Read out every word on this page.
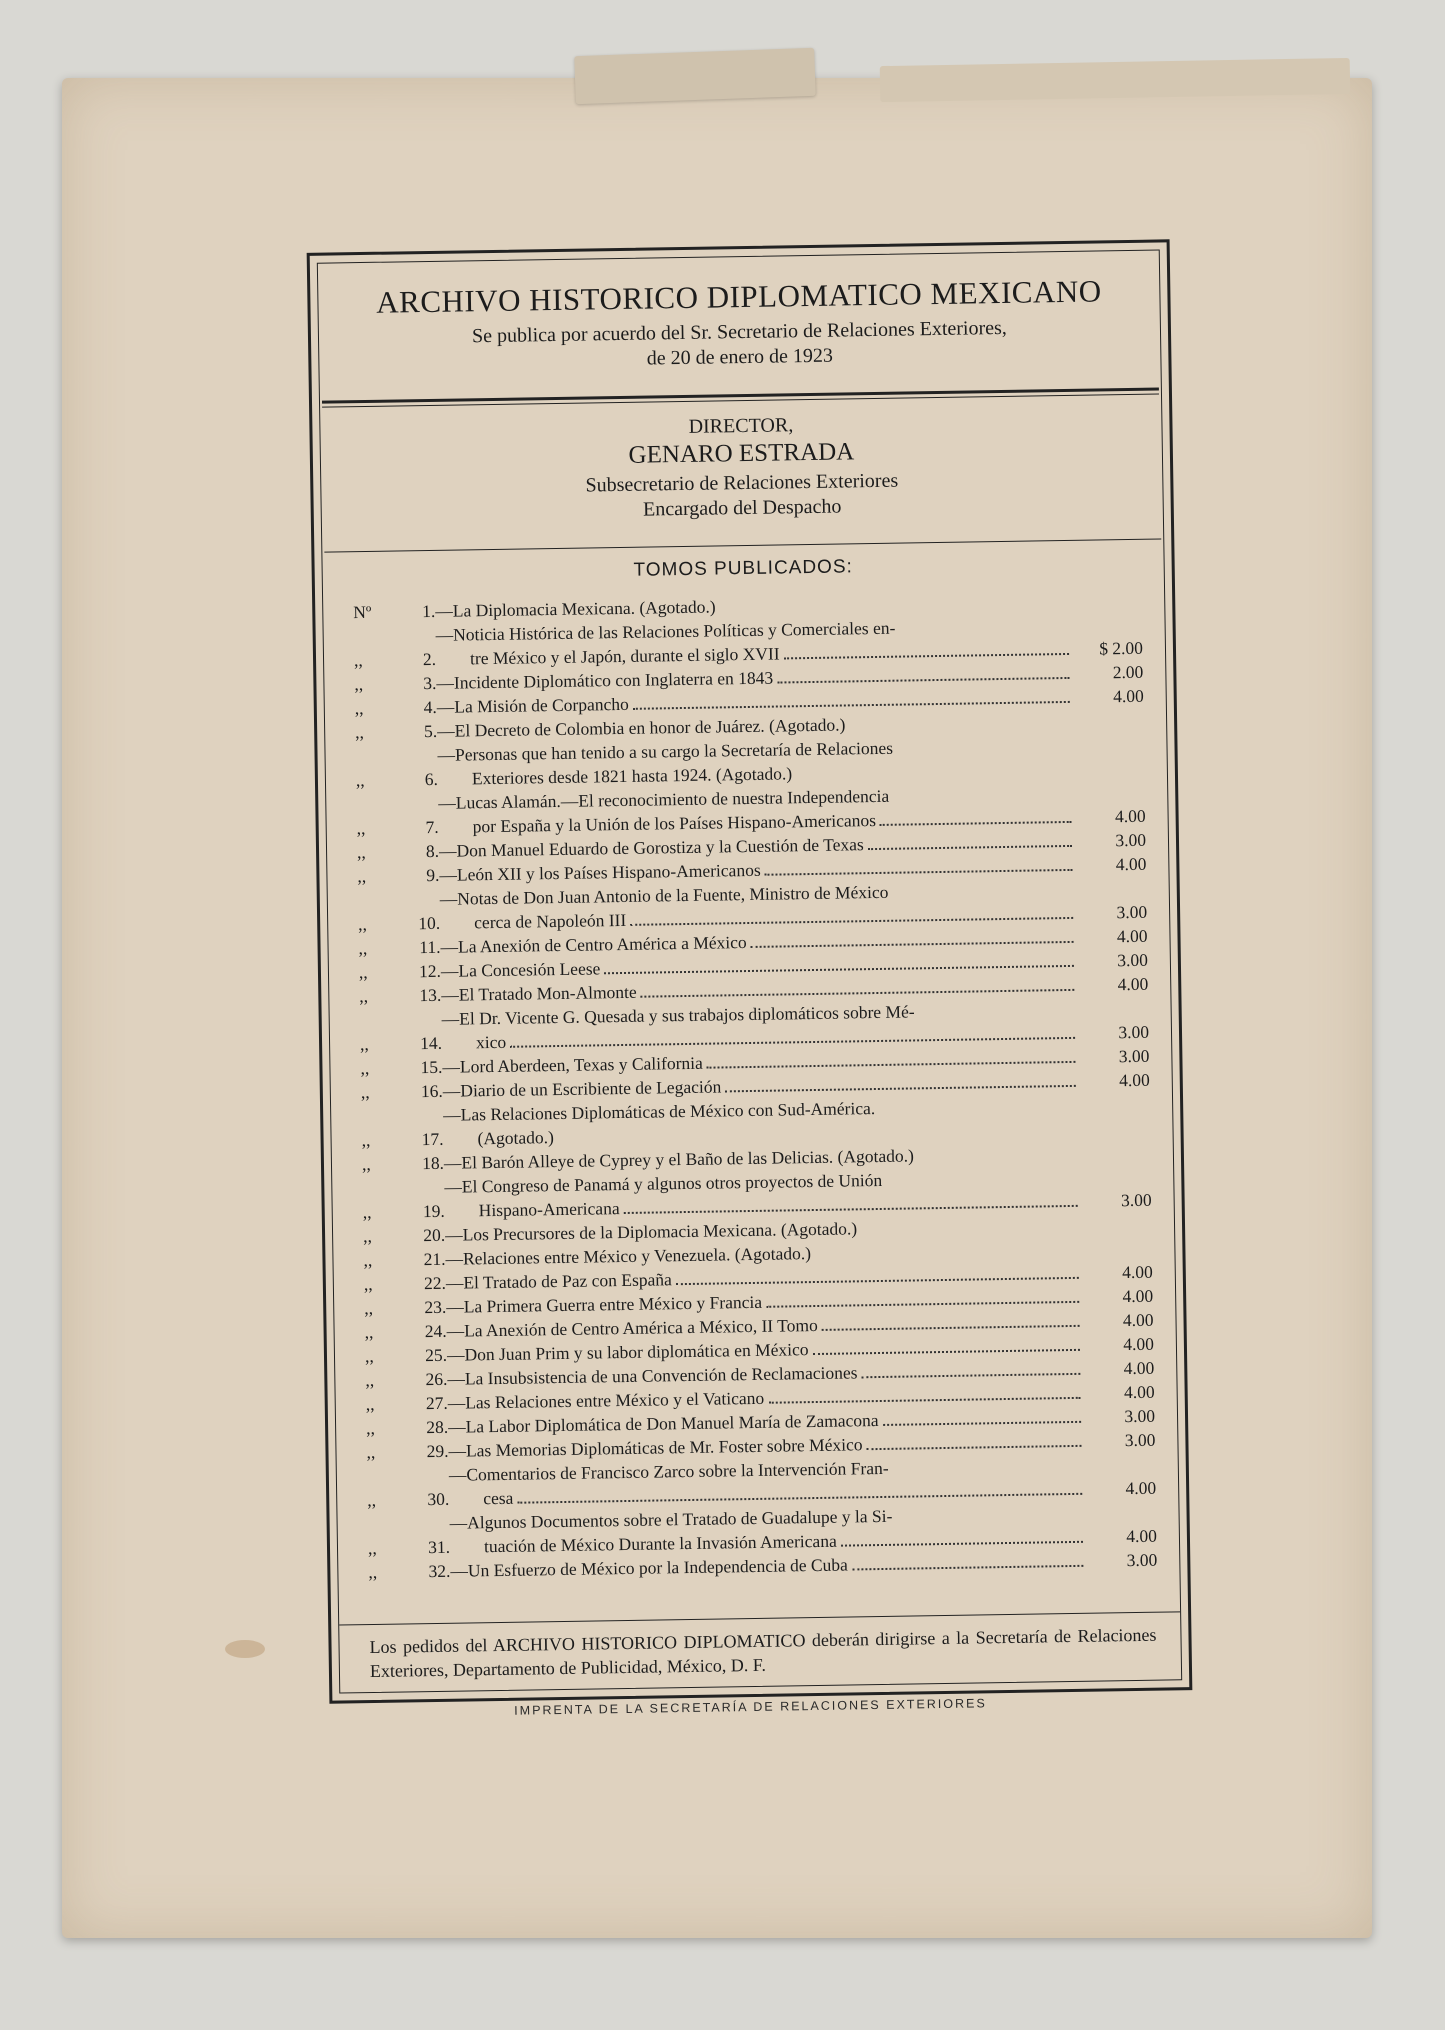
ARCHIVO HISTORICO DIPLOMATICO MEXICANO
Se publica por acuerdo del Sr. Secretario de Relaciones Exteriores,
de 20 de enero de 1923
DIRECTOR,
GENARO ESTRADA
Subsecretario de Relaciones Exteriores
Encargado del Despacho
TOMOS PUBLICADOS:
Nº	1. —La Diplomacia Mexicana. (Agotado.)
,,	2.
—Noticia Histórica de las Relaciones Políticas y Comerciales en-
tre México y el Japón, durante el siglo XVII	$ 2.00
,,	3. —Incidente Diplomático con Inglaterra en 1843	2.00
,,	4. —La Misión de Corpancho	4.00
,,	5. —El Decreto de Colombia en honor de Juárez. (Agotado.)
,,	6.
—Personas que han tenido a su cargo la Secretaría de Relaciones
Exteriores desde 1821 hasta 1924. (Agotado.)
,,	7.
—Lucas Alamán.—El reconocimiento de nuestra Independencia
por España y la Unión de los Países Hispano-Americanos	4.00
,,	8. —Don Manuel Eduardo de Gorostiza y la Cuestión de Texas	3.00
,,	9. —León XII y los Países Hispano-Americanos	4.00
,,	10.
—Notas de Don Juan Antonio de la Fuente, Ministro de México
cerca de Napoleón III	3.00
,,	11. —La Anexión de Centro América a México	4.00
,,	12. —La Concesión Leese	3.00
,,	13. —El Tratado Mon-Almonte	4.00
,,	14.
—El Dr. Vicente G. Quesada y sus trabajos diplomáticos sobre Mé-
xico	3.00
,,	15. —Lord Aberdeen, Texas y California	3.00
,,	16. —Diario de un Escribiente de Legación	4.00
,,	17.
—Las Relaciones Diplomáticas de México con Sud-América.
(Agotado.)
,,	18. —El Barón Alleye de Cyprey y el Baño de las Delicias. (Agotado.)
,,	19.
—El Congreso de Panamá y algunos otros proyectos de Unión
Hispano-Americana	3.00
,,	20. —Los Precursores de la Diplomacia Mexicana. (Agotado.)
,,	21. —Relaciones entre México y Venezuela. (Agotado.)
,,	22. —El Tratado de Paz con España	4.00
,,	23. —La Primera Guerra entre México y Francia	4.00
,,	24. —La Anexión de Centro América a México, II Tomo	4.00
,,	25. —Don Juan Prim y su labor diplomática en México	4.00
,,	26. —La Insubsistencia de una Convención de Reclamaciones	4.00
,,	27. —Las Relaciones entre México y el Vaticano	4.00
,,	28. —La Labor Diplomática de Don Manuel María de Zamacona	3.00
,,	29. —Las Memorias Diplomáticas de Mr. Foster sobre México	3.00
,,	30.
—Comentarios de Francisco Zarco sobre la Intervención Fran-
cesa	4.00
,,	31.
—Algunos Documentos sobre el Tratado de Guadalupe y la Si-
tuación de México Durante la Invasión Americana	4.00
,,	32. —Un Esfuerzo de México por la Independencia de Cuba	3.00
Los pedidos del ARCHIVO HISTORICO DIPLOMATICO deberán dirigirse a la Secretaría de Relaciones Exteriores, Departamento de Publicidad, México, D. F.
IMPRENTA DE LA SECRETARÍA DE RELACIONES EXTERIORES
